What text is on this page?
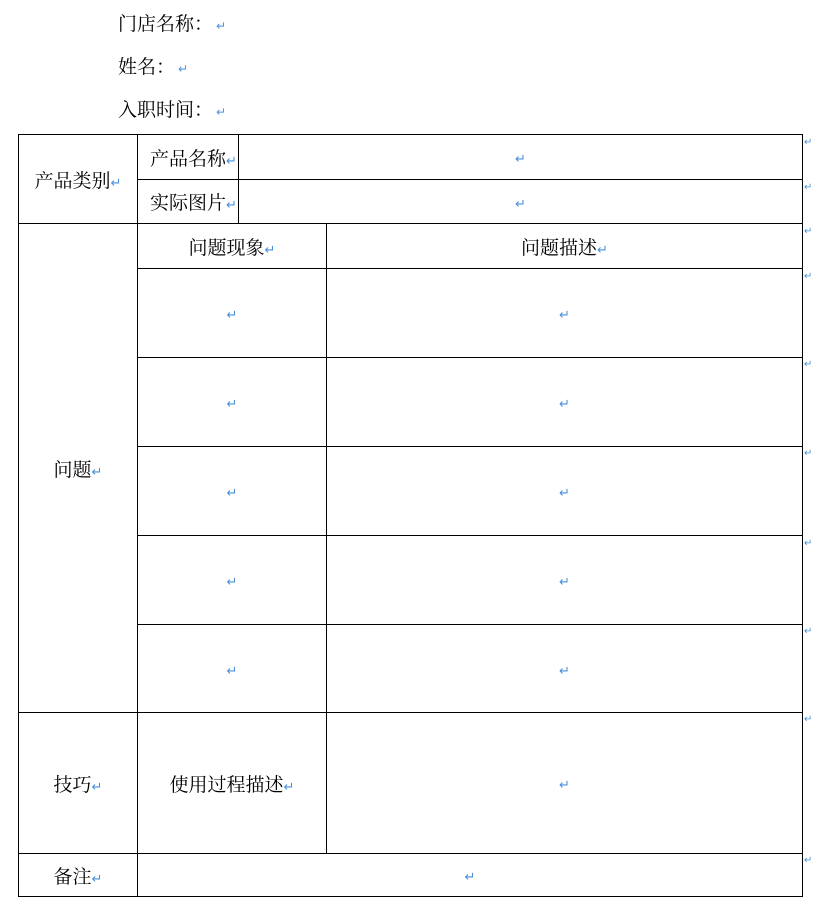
门店名称： ↵
姓名： ↵
入职时间： ↵
产品类别↵	产品名称↵	↵	
	实际图片↵	↵	
问题↵	问题现象↵		问题描述↵
	↵		↵
	↵		↵
	↵		↵
	↵		↵
	↵		↵
技巧↵	使用过程描述↵		↵
备注↵	↵		
↵
↵
↵
↵
↵
↵
↵
↵
↵
↵
